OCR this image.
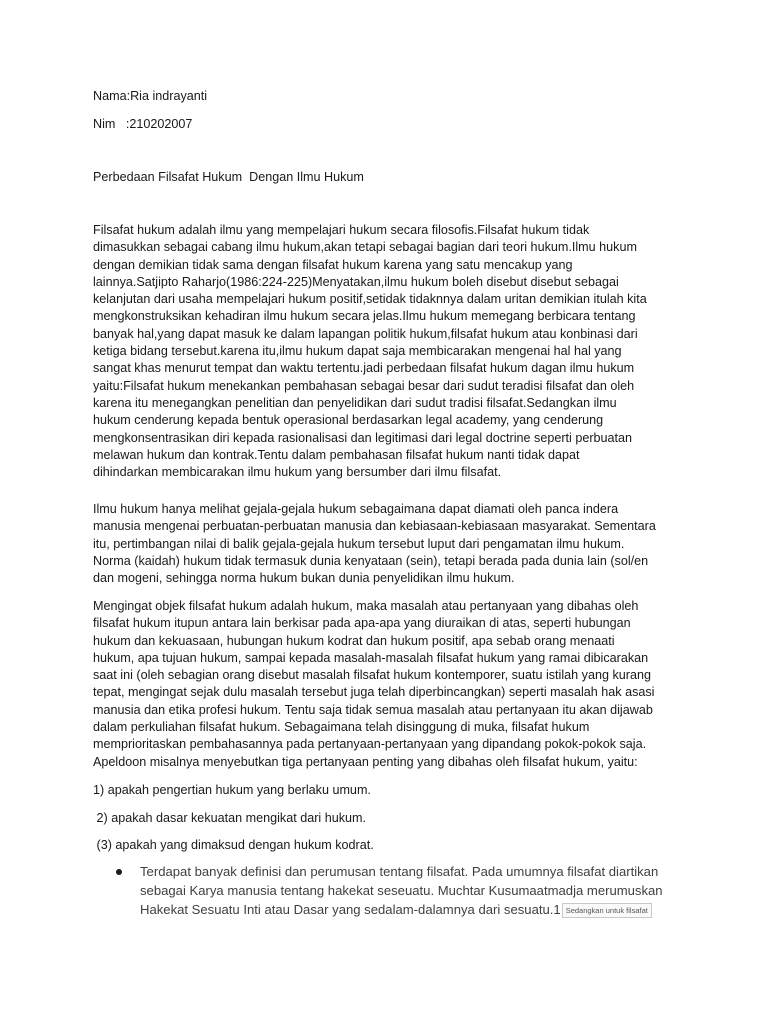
Nama:Ria indrayanti
Nim   :210202007
Perbedaan Filsafat Hukum  Dengan Ilmu Hukum
Filsafat hukum adalah ilmu yang mempelajari hukum secara filosofis.Filsafat hukum tidak
dimasukkan sebagai cabang ilmu hukum,akan tetapi sebagai bagian dari teori hukum.Ilmu hukum
dengan demikian tidak sama dengan filsafat hukum karena yang satu mencakup yang
lainnya.Satjipto Raharjo(1986:224-225)Menyatakan,ilmu hukum boleh disebut disebut sebagai
kelanjutan dari usaha mempelajari hukum positif,setidak tidaknnya dalam uritan demikian itulah kita
mengkonstruksikan kehadiran ilmu hukum secara jelas.Ilmu hukum memegang berbicara tentang
banyak hal,yang dapat masuk ke dalam lapangan politik hukum,filsafat hukum atau konbinasi dari
ketiga bidang tersebut.karena itu,ilmu hukum dapat saja membicarakan mengenai hal hal yang
sangat khas menurut tempat dan waktu tertentu.jadi perbedaan filsafat hukum dagan ilmu hukum
yaitu:Filsafat hukum menekankan pembahasan sebagai besar dari sudut teradisi filsafat dan oleh
karena itu menegangkan penelitian dan penyelidikan dari sudut tradisi filsafat.Sedangkan ilmu
hukum cenderung kepada bentuk operasional berdasarkan legal academy, yang cenderung
mengkonsentrasikan diri kepada rasionalisasi dan legitimasi dari legal doctrine seperti perbuatan
melawan hukum dan kontrak.Tentu dalam pembahasan filsafat hukum nanti tidak dapat
dihindarkan membicarakan ilmu hukum yang bersumber dari ilmu filsafat.
Ilmu hukum hanya melihat gejala-gejala hukum sebagaimana dapat diamati oleh panca indera
manusia mengenai perbuatan-perbuatan manusia dan kebiasaan-kebiasaan masyarakat. Sementara
itu, pertimbangan nilai di balik gejala-gejala hukum tersebut luput dari pengamatan ilmu hukum.
Norma (kaidah) hukum tidak termasuk dunia kenyataan (sein), tetapi berada pada dunia lain (sol/en
dan mogeni, sehingga norma hukum bukan dunia penyelidikan ilmu hukum.
Mengingat objek filsafat hukum adalah hukum, maka masalah atau pertanyaan yang dibahas oleh
filsafat hukum itupun antara lain berkisar pada apa-apa yang diuraikan di atas, seperti hubungan
hukum dan kekuasaan, hubungan hukum kodrat dan hukum positif, apa sebab orang menaati
hukum, apa tujuan hukum, sampai kepada masalah-masalah filsafat hukum yang ramai dibicarakan
saat ini (oleh sebagian orang disebut masalah filsafat hukum kontemporer, suatu istilah yang kurang
tepat, mengingat sejak dulu masalah tersebut juga telah diperbincangkan) seperti masalah hak asasi
manusia dan etika profesi hukum. Tentu saja tidak semua masalah atau pertanyaan itu akan dijawab
dalam perkuliahan filsafat hukum. Sebagaimana telah disinggung di muka, filsafat hukum
memprioritaskan pembahasannya pada pertanyaan-pertanyaan yang dipandang pokok-pokok saja.
Apeldoon misalnya menyebutkan tiga pertanyaan penting yang dibahas oleh filsafat hukum, yaitu:
1) apakah pengertian hukum yang berlaku umum.
2) apakah dasar kekuatan mengikat dari hukum.
(3) apakah yang dimaksud dengan hukum kodrat.
Terdapat banyak definisi dan perumusan tentang filsafat. Pada umumnya filsafat diartikan
sebagai Karya manusia tentang hakekat seseuatu. Muchtar Kusumaatmadja merumuskan
Hakekat Sesuatu Inti atau Dasar yang sedalam-dalamnya dari sesuatu.1 Sedangkan untuk filsafat
